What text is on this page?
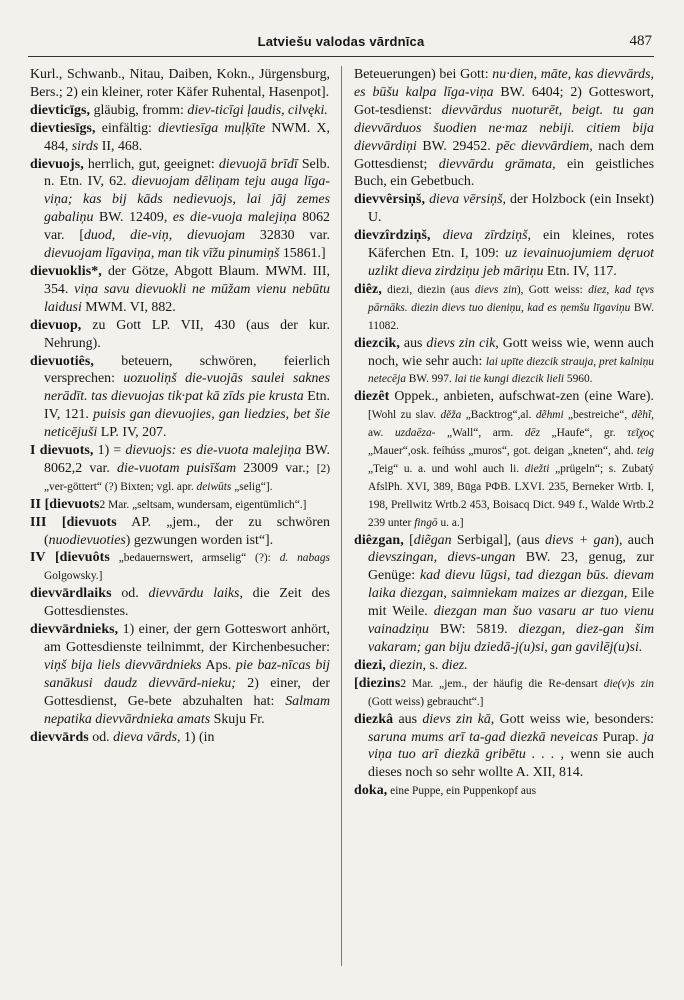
Latviešu valodas vārdnīca	487

Kurl., Schwanb., Nitau, Daiben, Kokn., Jürgensburg, Bers.; 2) ein kleiner, roter Käfer Ruhental, Hasenpot].

dievticīgs, gläubig, fromm: diev-ticīgi ļaudis, cilvęki.

dievtiesīgs, einfältig: dievtiesīga muļķīte NWM. X, 484, sirds II, 468.

dievuojs, herrlich, gut, geeignet: dievuojā brīdī Selb. n. Etn. IV, 62. dievuojam dēliņam teju auga līga-viņa; kas bij kāds nedievuojs, lai jāj zemes gabaliņu BW. 12409, es die-vuoja malejiņa 8062 var. [duod, die-viņ, dievuojam 32830 var. dievuojam līgaviņa, man tik vīžu pinumiņš 15861.]

dievuoklis*, der Götze, Abgott Blaum. MWM. III, 354. viņa savu dievuokli ne mūžam vienu nebūtu laidusi MWM. VI, 882.

dievuop, zu Gott LP. VII, 430 (aus der kur. Nehrung).

dievuotiês, beteuern, schwören, feierlich versprechen: uozuoliņš die-vuojās saulei saknes nerādīt. tas dievuojas tik·pat kā zīds pie krusta Etn. IV, 121. puisis gan dievuojies, gan liedzies, bet šie neticējuši LP. IV, 207.

I dievuots, 1) = dievuojs: es die-vuota malejiņa BW. 8062,2 var. die-vuotam puisīšam 23009 var.; [2) „ver-göttert“ (?) Bixten; vgl. apr. deiwūts „selig“].

II [dievuots2 Mar. „seltsam, wundersam, eigentümlich“.]

III [dievuots AP. „jem., der zu schwören (nuodievuoties) gezwungen worden ist“].

IV [dievuôts „bedauernswert, armselig“ (?): d. nabags Golgowsky.]

dievvārdlaiks od. dievvārdu laiks, die Zeit des Gottesdienstes.

dievvārdnieks, 1) einer, der gern Gotteswort anhört, am Gottesdienste teilnimmt, der Kirchenbesucher: viņš bija liels dievvārdnieks Aps. pie baz-nīcas bij sanākusi daudz dievvārd-nieku; 2) einer, der Gottesdienst, Ge-bete abzuhalten hat: Salmam nepatika dievvārdnieka amats Skuju Fr.

dievvārds od. dieva vārds, 1) (in

Beteuerungen) bei Gott: nu·dien, māte, kas dievvārds, es būšu kalpa līga-viņa BW. 6404; 2) Gotteswort, Got-tesdienst: dievvārdus nuoturēt, beigt. tu gan dievvārduos šuodien ne·maz nebiji. citiem bija dievvārdiņi BW. 29452. pēc dievvārdiem, nach dem Gottesdienst; dievvārdu grāmata, ein geistliches Buch, ein Gebetbuch.

dievvêrsiņš, dieva vērsiņš, der Holzbock (ein Insekt) U.

dievzîrdziņš, dieva zīrdziņš, ein kleines, rotes Käferchen Etn. I, 109: uz ievainuojumiem dęruot uzlikt dieva zirdziņu jeb māriņu Etn. IV, 117.

diêz, diezi, diezin (aus dievs zin), Gott weiss: diez, kad tęvs pārnāks. diezin dievs tuo dieniņu, kad es ņemšu līgaviņu BW. 11082.

diezcik, aus dievs zin cik, Gott weiss wie, wenn auch noch, wie sehr auch: lai upīte diezcik strauja, pret kalniņu netecēja BW. 997. lai tie kungi diezcik lieli 5960.

diezêt Oppek., anbieten, aufschwat-zen (eine Ware). [Wohl zu slav. děža „Backtrog“,al. dẽhmi „bestreiche“, dẽhĩ, aw. uzdaēza- „Wall“, arm. dēz „Haufe“, gr. τεῖχος „Mauer“,osk. feíhúss „muros“, got. deigan „kneten“, ahd. teig „Teig“ u. a. und wohl auch li. diežti „prügeln“; s. Zubatý AfslPh. XVI, 389, Būga РФВ. LXVI. 235, Berneker Wrtb. I, 198, Prellwitz Wrtb.2 453, Boisacq Dict. 949 f., Walde Wrtb.2 239 unter fingō u. a.]

diêzgan, [diẽgan Serbigal], (aus dievs + gan), auch dievszingan, dievs-ungan BW. 23, genug, zur Genüge: kad dievu lūgsi, tad diezgan būs. dievam laika diezgan, saimniekam maizes ar diezgan, Eile mit Weile. diezgan man šuo vasaru ar tuo vienu vainadziņu BW: 5819. diezgan, diez-gan šim vakaram; gan biju dziedā-j(u)si, gan gavilēj(u)si.

diezi, diezin, s. diez.

[diezins2 Mar. „jem., der häufig die Re-densart die(v)s zin (Gott weiss) gebraucht“.]

diezkâ aus dievs zin kā, Gott weiss wie, besonders: saruna mums arī ta-gad diezkā neveicas Purap. ja viņa tuo arī diezkā gribētu . . . , wenn sie auch dieses noch so sehr wollte A. XII, 814.

doka, eine Puppe, ein Puppenkopf aus
